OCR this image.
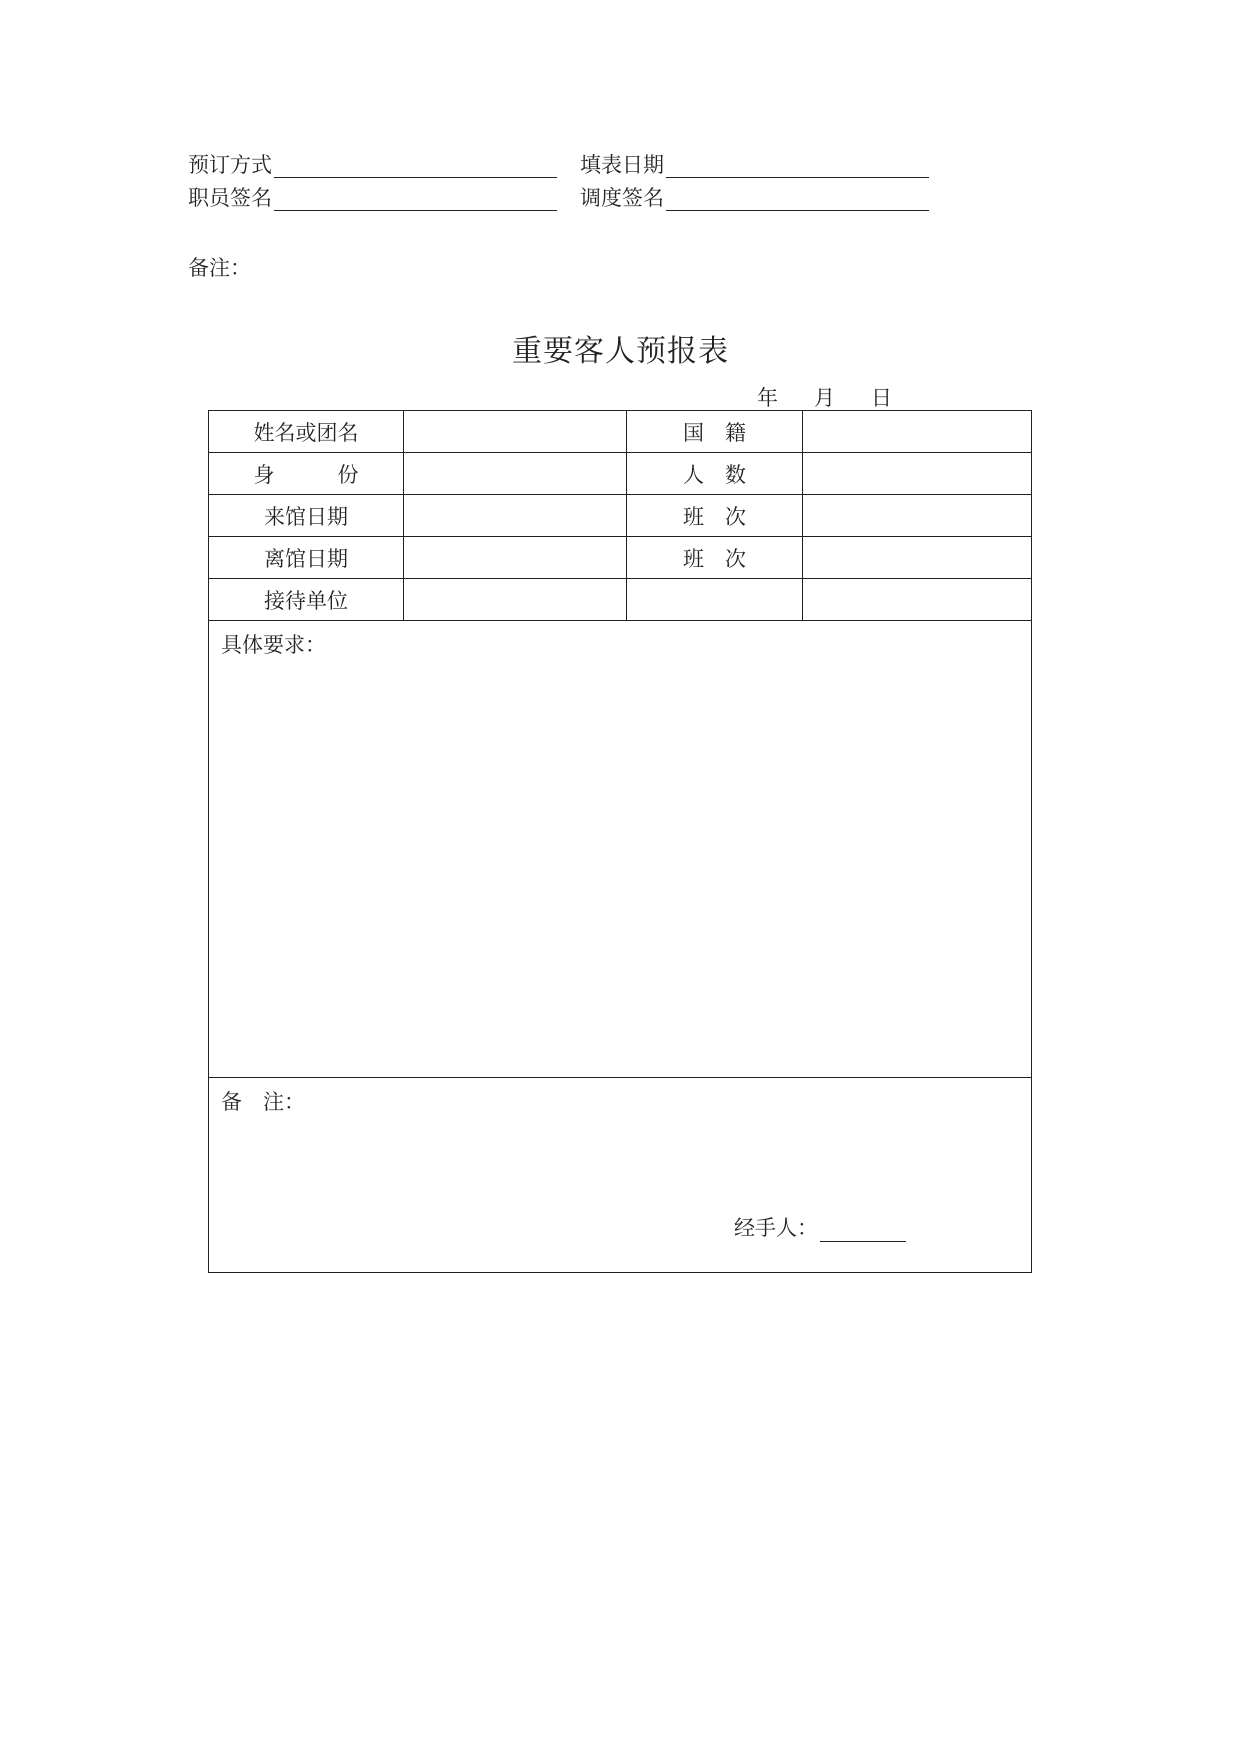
预订方式	填表日期
职员签名	调度签名
备注：
重要客人预报表
年 月 日
姓名或团名		国　籍	
身　　　份		人　数	
来馆日期		班　次	
离馆日期		班　次	
接待单位			
具体要求：			
备　注：
经手人：			
